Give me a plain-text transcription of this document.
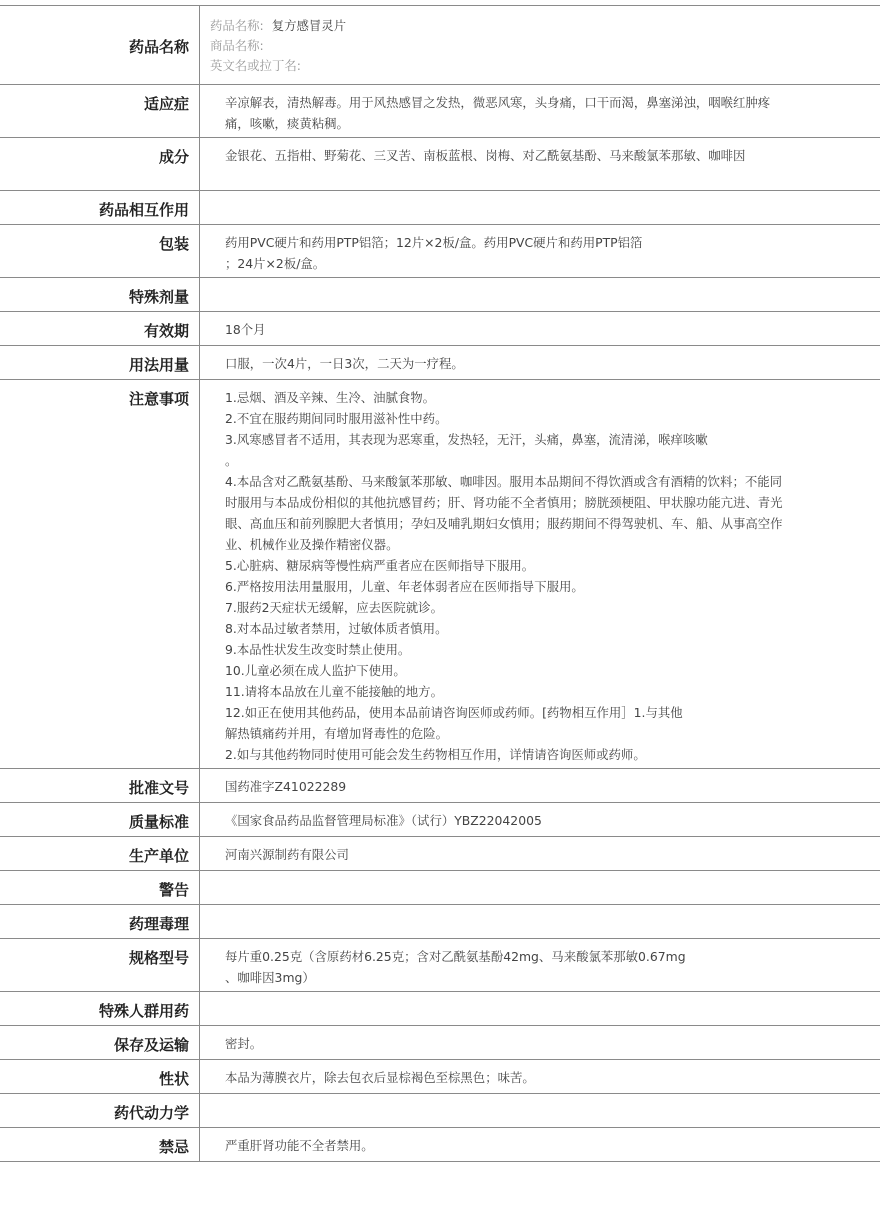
药品名称
药品名称: 复方感冒灵片
商品名称:
英文名或拉丁名:
适应症	辛凉解表，清热解毒。用于风热感冒之发热，微恶风寒，头身痛，口干而渴，鼻塞涕浊，咽喉红肿疼痛，咳嗽，痰黄粘稠。
成分	金银花、五指柑、野菊花、三叉苦、南板蓝根、岗梅、对乙酰氨基酚、马来酸氯苯那敏、咖啡因
药品相互作用
包装	药用PVC硬片和药用PTP铝箔；12片×2板/盒。药用PVC硬片和药用PTP铝箔
；24片×2板/盒。
特殊剂量
有效期	18个月
用法用量	口服，一次4片，一日3次，二天为一疗程。
注意事项	1.忌烟、酒及辛辣、生冷、油腻食物。
2.不宜在服药期间同时服用滋补性中药。
3.风寒感冒者不适用，其表现为恶寒重，发热轻，无汗，头痛，鼻塞，流清涕，喉痒咳嗽
。
4.本品含对乙酰氨基酚、马来酸氯苯那敏、咖啡因。服用本品期间不得饮酒或含有酒精的饮料；不能同时服用与本品成份相似的其他抗感冒药；肝、肾功能不全者慎用；膀胱颈梗阻、甲状腺功能亢进、青光眼、高血压和前列腺肥大者慎用；孕妇及哺乳期妇女慎用；服药期间不得驾驶机、车、船、从事高空作业、机械作业及操作精密仪器。
5.心脏病、糖尿病等慢性病严重者应在医师指导下服用。
6.严格按用法用量服用，儿童、年老体弱者应在医师指导下服用。
7.服药2天症状无缓解，应去医院就诊。
8.对本品过敏者禁用，过敏体质者慎用。
9.本品性状发生改变时禁止使用。
10.儿童必须在成人监护下使用。
11.请将本品放在儿童不能接触的地方。
12.如正在使用其他药品，使用本品前请咨询医师或药师。[药物相互作用］1.与其他
解热镇痛药并用，有增加肾毒性的危险。
2.如与其他药物同时使用可能会发生药物相互作用，详情请咨询医师或药师。
批准文号	国药准字Z41022289
质量标准	《国家食品药品监督管理局标准》（试行）YBZ22042005
生产单位	河南兴源制药有限公司
警告
药理毒理
规格型号	每片重0.25克（含原药材6.25克；含对乙酰氨基酚42mg、马来酸氯苯那敏0.67mg
、咖啡因3mg）
特殊人群用药
保存及运输	密封。
性状	本品为薄膜衣片，除去包衣后显棕褐色至棕黑色；味苦。
药代动力学
禁忌	严重肝肾功能不全者禁用。
